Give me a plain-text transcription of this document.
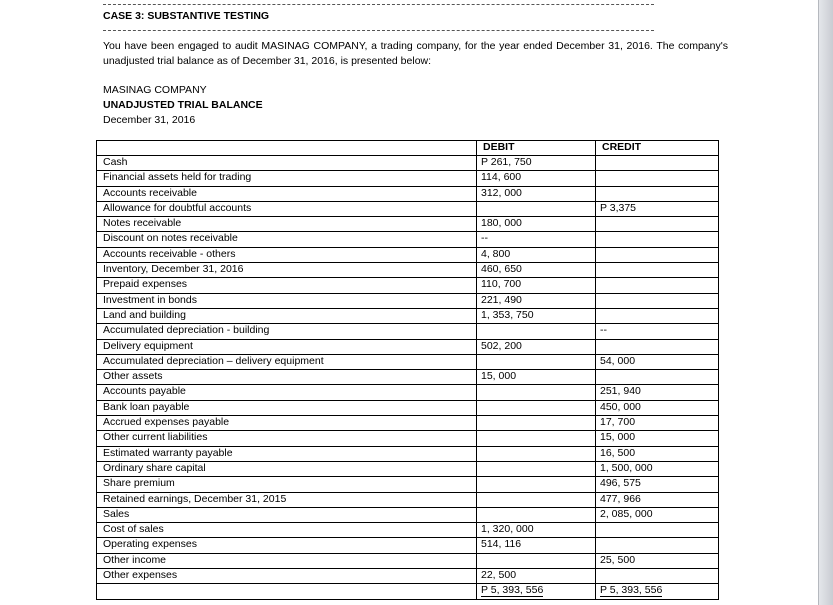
CASE 3: SUBSTANTIVE TESTING
You have been engaged to audit MASINAG COMPANY, a trading company, for the year ended December 31, 2016. The company's unadjusted trial balance as of December 31, 2016, is presented below:
MASINAG COMPANY
UNADJUSTED TRIAL BALANCE
December 31, 2016
	DEBIT	CREDIT
Cash	P 261, 750	
Financial assets held for trading	114, 600	
Accounts receivable	312, 000	
Allowance for doubtful accounts		P 3,375
Notes receivable	180, 000	
Discount on notes receivable	--	
Accounts receivable - others	4, 800	
Inventory, December 31, 2016	460, 650	
Prepaid expenses	110, 700	
Investment in bonds	221, 490	
Land and building	1, 353, 750	
Accumulated depreciation - building		--
Delivery equipment	502, 200	
Accumulated depreciation – delivery equipment		54, 000
Other assets	15, 000	
Accounts payable		251, 940
Bank loan payable		450, 000
Accrued expenses payable		17, 700
Other current liabilities		15, 000
Estimated warranty payable		16, 500
Ordinary share capital		1, 500, 000
Share premium		496, 575
Retained earnings, December 31, 2015		477, 966
Sales		2, 085, 000
Cost of sales	1, 320, 000	
Operating expenses	514, 116	
Other income		25, 500
Other expenses	22, 500	
	P 5, 393, 556	P 5, 393, 556
